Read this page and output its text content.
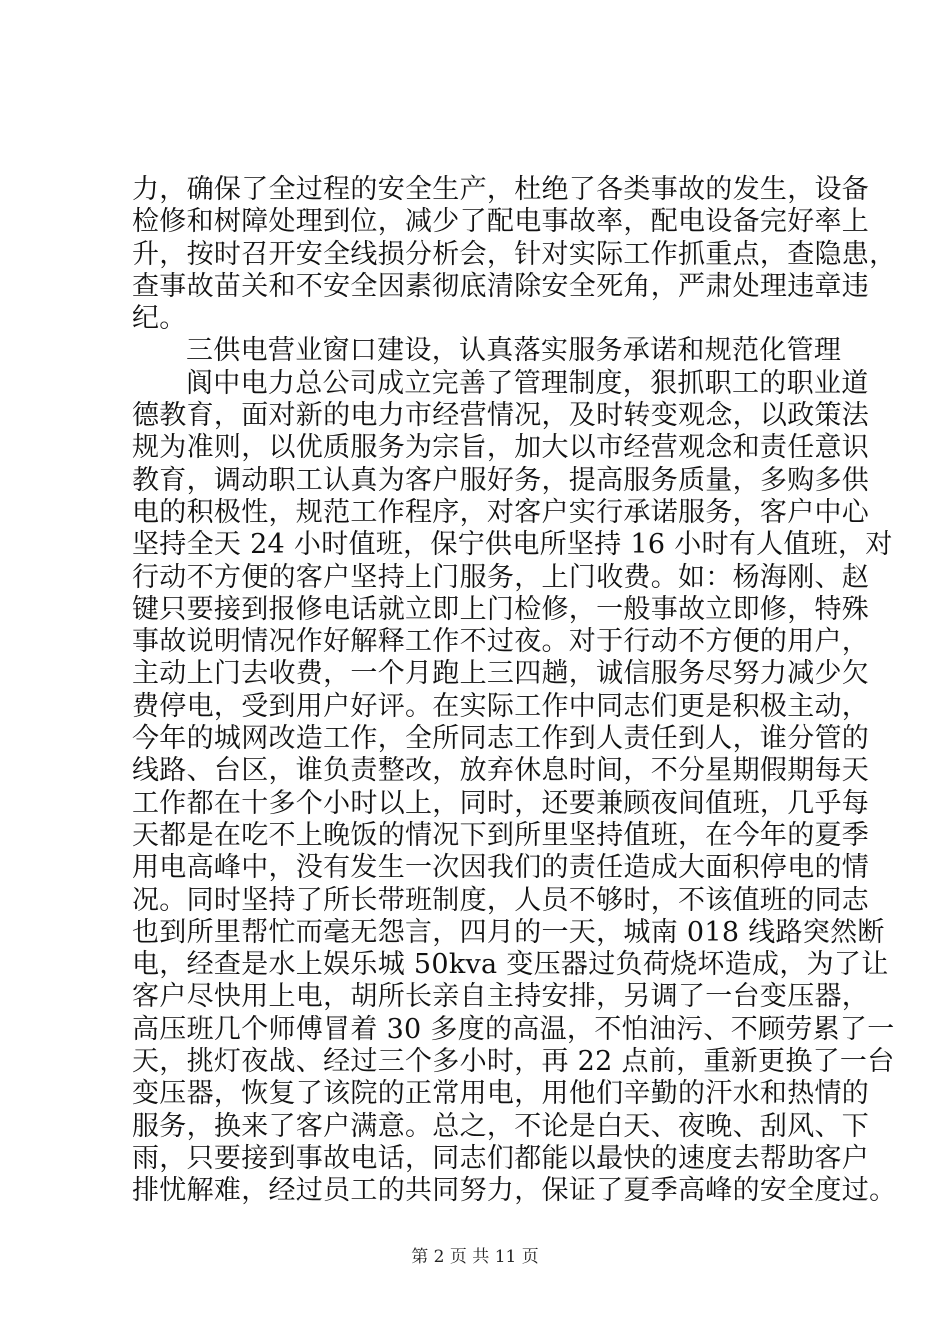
力，确保了全过程的安全生产，杜绝了各类事故的发生，设备
检修和树障处理到位，减少了配电事故率，配电设备完好率上
升，按时召开安全线损分析会，针对实际工作抓重点，查隐患，
查事故苗关和不安全因素彻底清除安全死角，严肃处理违章违
纪。
三供电营业窗口建设，认真落实服务承诺和规范化管理
阆中电力总公司成立完善了管理制度，狠抓职工的职业道
德教育，面对新的电力市经营情况，及时转变观念，以政策法
规为准则，以优质服务为宗旨，加大以市经营观念和责任意识
教育，调动职工认真为客户服好务，提高服务质量，多购多供
电的积极性，规范工作程序，对客户实行承诺服务，客户中心
坚持全天 24 小时值班，保宁供电所坚持 16 小时有人值班，对
行动不方便的客户坚持上门服务，上门收费。如：杨海刚、赵
键只要接到报修电话就立即上门检修，一般事故立即修，特殊
事故说明情况作好解释工作不过夜。对于行动不方便的用户，
主动上门去收费，一个月跑上三四趟，诚信服务尽努力减少欠
费停电，受到用户好评。在实际工作中同志们更是积极主动，
今年的城网改造工作，全所同志工作到人责任到人，谁分管的
线路、台区，谁负责整改，放弃休息时间，不分星期假期每天
工作都在十多个小时以上，同时，还要兼顾夜间值班，几乎每
天都是在吃不上晚饭的情况下到所里坚持值班，在今年的夏季
用电高峰中，没有发生一次因我们的责任造成大面积停电的情
况。同时坚持了所长带班制度，人员不够时，不该值班的同志
也到所里帮忙而毫无怨言，四月的一天，城南 018 线路突然断
电，经查是水上娱乐城 50kva 变压器过负荷烧坏造成，为了让
客户尽快用上电，胡所长亲自主持安排，另调了一台变压器，
高压班几个师傅冒着 30 多度的高温，不怕油污、不顾劳累了一
天，挑灯夜战、经过三个多小时，再 22 点前，重新更换了一台
变压器，恢复了该院的正常用电，用他们辛勤的汗水和热情的
服务，换来了客户满意。总之，不论是白天、夜晚、刮风、下
雨，只要接到事故电话，同志们都能以最快的速度去帮助客户
排忧解难，经过员工的共同努力，保证了夏季高峰的安全度过。
第 2 页 共 11 页
